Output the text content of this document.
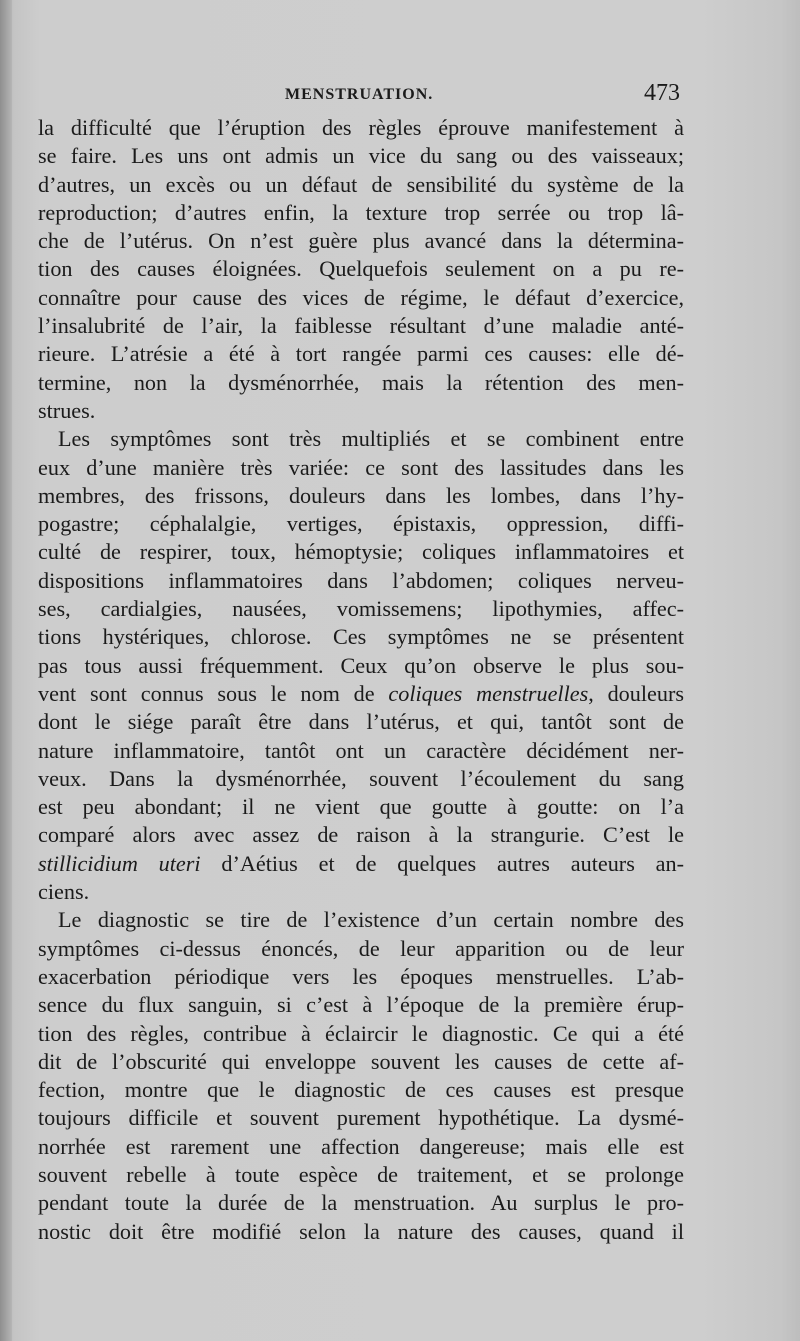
MENSTRUATION.	473
la difficulté que l’éruption des règles éprouve manifestement à
se faire. Les uns ont admis un vice du sang ou des vaisseaux;
d’autres, un excès ou un défaut de sensibilité du système de la
reproduction; d’autres enfin, la texture trop serrée ou trop lâ-
che de l’utérus. On n’est guère plus avancé dans la détermina-
tion des causes éloignées. Quelquefois seulement on a pu re-
connaître pour cause des vices de régime, le défaut d’exercice,
l’insalubrité de l’air, la faiblesse résultant d’une maladie anté-
rieure. L’atrésie a été à tort rangée parmi ces causes: elle dé-
termine, non la dysménorrhée, mais la rétention des men-
strues.
Les symptômes sont très multipliés et se combinent entre
eux d’une manière très variée: ce sont des lassitudes dans les
membres, des frissons, douleurs dans les lombes, dans l’hy-
pogastre; céphalalgie, vertiges, épistaxis, oppression, diffi-
culté de respirer, toux, hémoptysie; coliques inflammatoires et
dispositions inflammatoires dans l’abdomen; coliques nerveu-
ses, cardialgies, nausées, vomissemens; lipothymies, affec-
tions hystériques, chlorose. Ces symptômes ne se présentent
pas tous aussi fréquemment. Ceux qu’on observe le plus sou-
vent sont connus sous le nom de coliques menstruelles, douleurs
dont le siége paraît être dans l’utérus, et qui, tantôt sont de
nature inflammatoire, tantôt ont un caractère décidément ner-
veux. Dans la dysménorrhée, souvent l’écoulement du sang
est peu abondant; il ne vient que goutte à goutte: on l’a
comparé alors avec assez de raison à la strangurie. C’est le
stillicidium uteri d’Aétius et de quelques autres auteurs an-
ciens.
Le diagnostic se tire de l’existence d’un certain nombre des
symptômes ci-dessus énoncés, de leur apparition ou de leur
exacerbation périodique vers les époques menstruelles. L’ab-
sence du flux sanguin, si c’est à l’époque de la première érup-
tion des règles, contribue à éclaircir le diagnostic. Ce qui a été
dit de l’obscurité qui enveloppe souvent les causes de cette af-
fection, montre que le diagnostic de ces causes est presque
toujours difficile et souvent purement hypothétique. La dysmé-
norrhée est rarement une affection dangereuse; mais elle est
souvent rebelle à toute espèce de traitement, et se prolonge
pendant toute la durée de la menstruation. Au surplus le pro-
nostic doit être modifié selon la nature des causes, quand il
